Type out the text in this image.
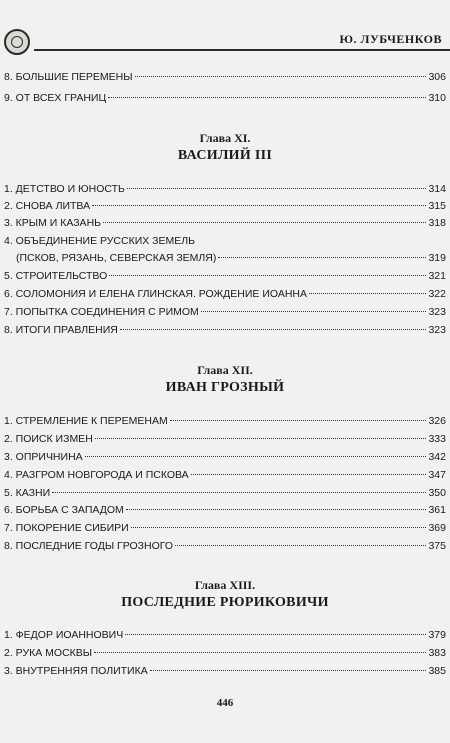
Ю. ЛУБЧЕНКОВ
8. БОЛЬШИЕ ПЕРЕМЕНЫ	306
9. ОТ ВСЕХ ГРАНИЦ	310
Глава XI.
ВАСИЛИЙ III
1. ДЕТСТВО И ЮНОСТЬ	314
2. СНОВА ЛИТВА	315
3. КРЫМ И КАЗАНЬ	318
4. ОБЪЕДИНЕНИЕ РУССКИХ ЗЕМЕЛЬ
(ПСКОВ, РЯЗАНЬ, СЕВЕРСКАЯ ЗЕМЛЯ)	319
5. СТРОИТЕЛЬСТВО	321
6. СОЛОМОНИЯ И ЕЛЕНА ГЛИНСКАЯ. РОЖДЕНИЕ ИОАННА	322
7. ПОПЫТКА СОЕДИНЕНИЯ С РИМОМ	323
8. ИТОГИ ПРАВЛЕНИЯ	323
Глава XII.
ИВАН ГРОЗНЫЙ
1. СТРЕМЛЕНИЕ К ПЕРЕМЕНАМ	326
2. ПОИСК ИЗМЕН	333
3. ОПРИЧНИНА	342
4. РАЗГРОМ НОВГОРОДА И ПСКОВА	347
5. КАЗНИ	350
6. БОРЬБА С ЗАПАДОМ	361
7. ПОКОРЕНИЕ СИБИРИ	369
8. ПОСЛЕДНИЕ ГОДЫ ГРОЗНОГО	375
Глава XIII.
ПОСЛЕДНИЕ РЮРИКОВИЧИ
1. ФЕДОР ИОАННОВИЧ	379
2. РУКА МОСКВЫ	383
3. ВНУТРЕННЯЯ ПОЛИТИКА	385
446
